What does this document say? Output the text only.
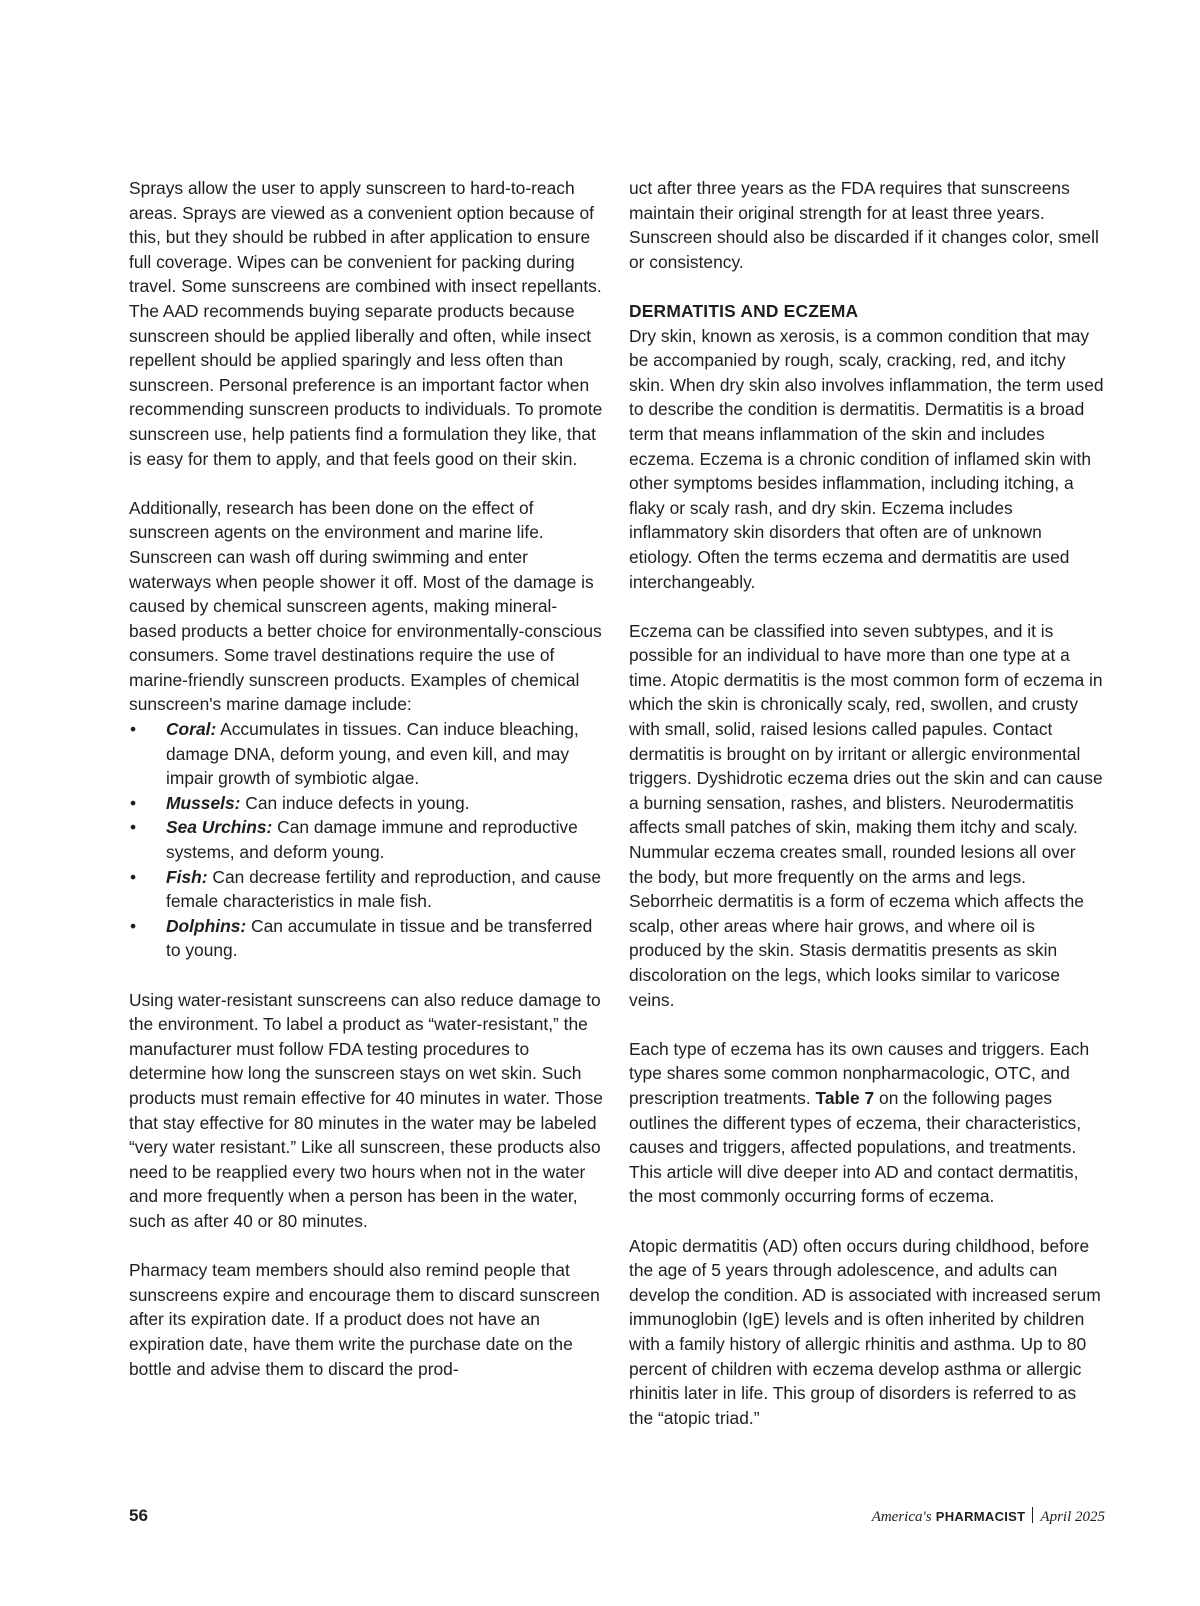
Sprays allow the user to apply sunscreen to hard-to-reach areas. Sprays are viewed as a convenient option because of this, but they should be rubbed in after application to ensure full coverage. Wipes can be convenient for packing during travel. Some sunscreens are combined with insect repellants. The AAD recommends buying separate products because sunscreen should be applied liberally and often, while insect repellent should be applied sparingly and less often than sunscreen. Personal preference is an important factor when recommending sunscreen products to individuals. To promote sunscreen use, help patients find a formulation they like, that is easy for them to apply, and that feels good on their skin.

Additionally, research has been done on the effect of sunscreen agents on the environment and marine life. Sunscreen can wash off during swimming and enter waterways when people shower it off. Most of the damage is caused by chemical sunscreen agents, making mineral-based products a better choice for environmentally-conscious consumers. Some travel destinations require the use of marine-friendly sunscreen products. Examples of chemical sunscreen's marine damage include:

• Coral: Accumulates in tissues. Can induce bleaching, damage DNA, deform young, and even kill, and may impair growth of symbiotic algae.
• Mussels: Can induce defects in young.
• Sea Urchins: Can damage immune and reproductive systems, and deform young.
• Fish: Can decrease fertility and reproduction, and cause female characteristics in male fish.
• Dolphins: Can accumulate in tissue and be transferred to young.

Using water-resistant sunscreens can also reduce damage to the environment. To label a product as “water-resistant,” the manufacturer must follow FDA testing procedures to determine how long the sunscreen stays on wet skin. Such products must remain effective for 40 minutes in water. Those that stay effective for 80 minutes in the water may be labeled “very water resistant.” Like all sunscreen, these products also need to be reapplied every two hours when not in the water and more frequently when a person has been in the water, such as after 40 or 80 minutes.

Pharmacy team members should also remind people that sunscreens expire and encourage them to discard sunscreen after its expiration date. If a product does not have an expiration date, have them write the purchase date on the bottle and advise them to discard the prod-

uct after three years as the FDA requires that sunscreens maintain their original strength for at least three years. Sunscreen should also be discarded if it changes color, smell or consistency.

DERMATITIS AND ECZEMA

Dry skin, known as xerosis, is a common condition that may be accompanied by rough, scaly, cracking, red, and itchy skin. When dry skin also involves inflammation, the term used to describe the condition is dermatitis. Dermatitis is a broad term that means inflammation of the skin and includes eczema. Eczema is a chronic condition of inflamed skin with other symptoms besides inflammation, including itching, a flaky or scaly rash, and dry skin. Eczema includes inflammatory skin disorders that often are of unknown etiology. Often the terms eczema and dermatitis are used interchangeably.

Eczema can be classified into seven subtypes, and it is possible for an individual to have more than one type at a time. Atopic dermatitis is the most common form of eczema in which the skin is chronically scaly, red, swollen, and crusty with small, solid, raised lesions called papules. Contact dermatitis is brought on by irritant or allergic environmental triggers. Dyshidrotic eczema dries out the skin and can cause a burning sensation, rashes, and blisters. Neurodermatitis affects small patches of skin, making them itchy and scaly. Nummular eczema creates small, rounded lesions all over the body, but more frequently on the arms and legs. Seborrheic dermatitis is a form of eczema which affects the scalp, other areas where hair grows, and where oil is produced by the skin. Stasis dermatitis presents as skin discoloration on the legs, which looks similar to varicose veins.

Each type of eczema has its own causes and triggers. Each type shares some common nonpharmacologic, OTC, and prescription treatments. Table 7 on the following pages outlines the different types of eczema, their characteristics, causes and triggers, affected populations, and treatments. This article will dive deeper into AD and contact dermatitis, the most commonly occurring forms of eczema.

Atopic dermatitis (AD) often occurs during childhood, before the age of 5 years through adolescence, and adults can develop the condition. AD is associated with increased serum immunoglobin (IgE) levels and is often inherited by children with a family history of allergic rhinitis and asthma. Up to 80 percent of children with eczema develop asthma or allergic rhinitis later in life. This group of disorders is referred to as the “atopic triad.”

56	America's PHARMACIST April 2025
